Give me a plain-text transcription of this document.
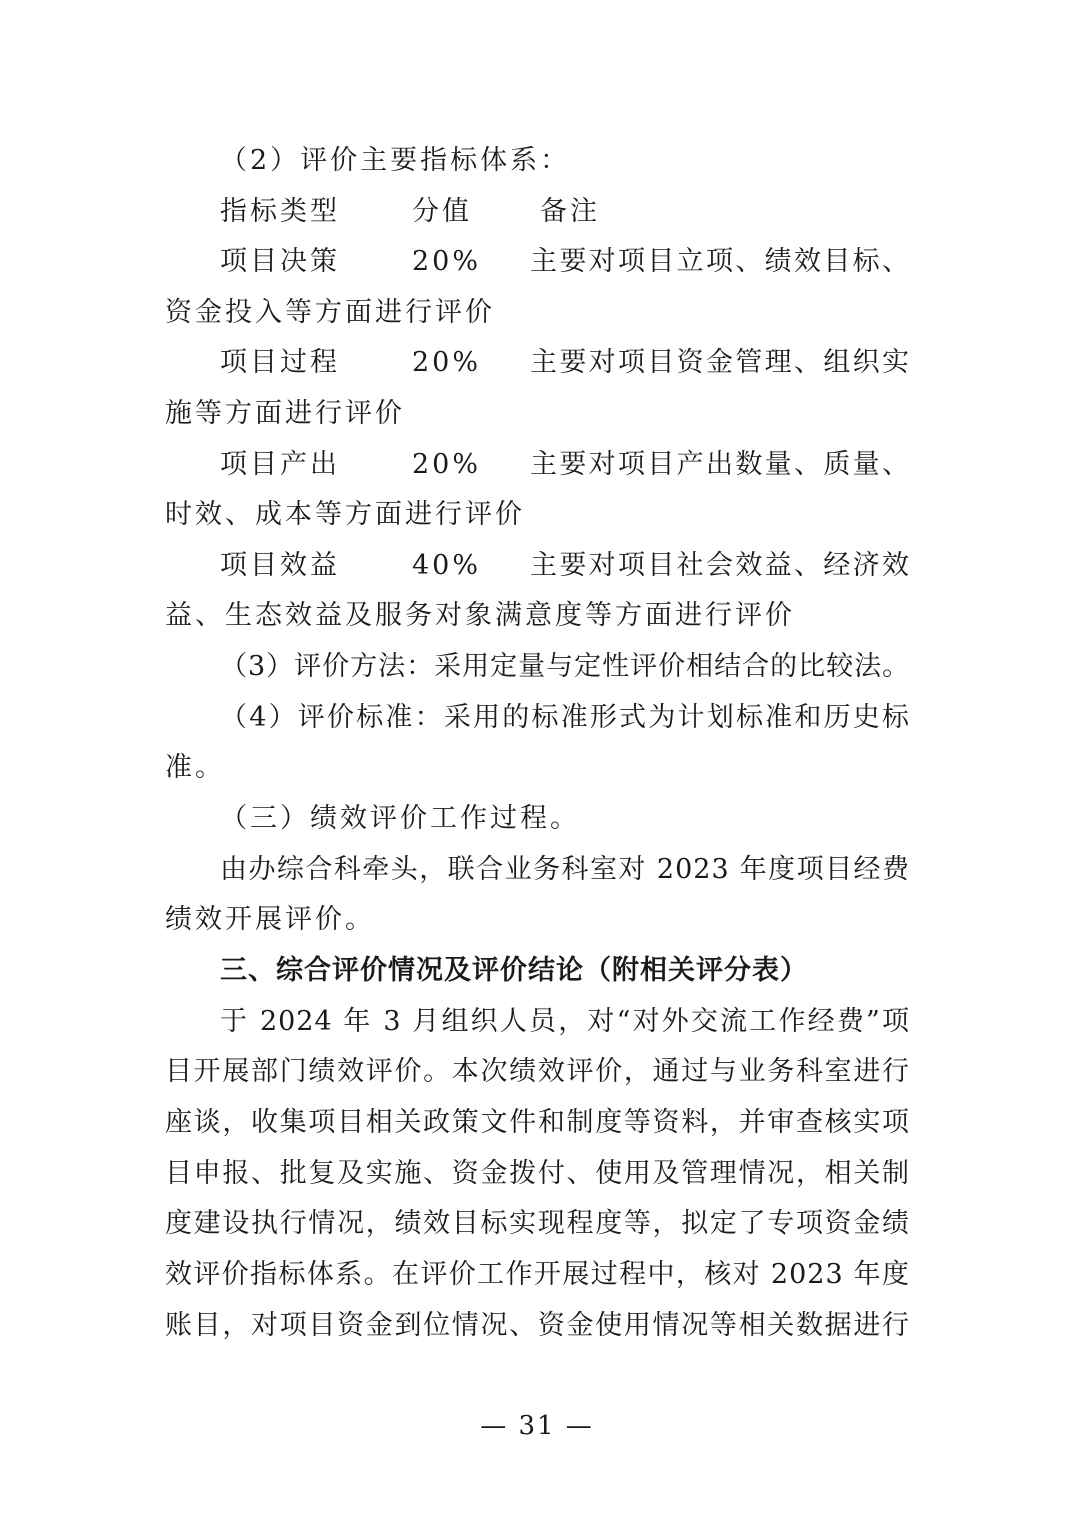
（2）评价主要指标体系：
指标类型	分值	备注
项目决策	20% 主要对项目立项、绩效目标、
资金投入等方面进行评价
项目过程	20% 主要对项目资金管理、组织实
施等方面进行评价
项目产出	20% 主要对项目产出数量、质量、
时效、成本等方面进行评价
项目效益	40% 主要对项目社会效益、经济效
益、生态效益及服务对象满意度等方面进行评价
（3）评价方法：采用定量与定性评价相结合的比较法。
（4）评价标准：采用的标准形式为计划标准和历史标
准。
（三）绩效评价工作过程。
由办综合科牵头，联合业务科室对 2023 年度项目经费
绩效开展评价。
三、综合评价情况及评价结论（附相关评分表）
于 2024 年 3 月组织人员，对“对外交流工作经费”项
目开展部门绩效评价。本次绩效评价，通过与业务科室进行
座谈，收集项目相关政策文件和制度等资料，并审查核实项
目申报、批复及实施、资金拨付、使用及管理情况，相关制
度建设执行情况，绩效目标实现程度等，拟定了专项资金绩
效评价指标体系。在评价工作开展过程中，核对 2023 年度
账目，对项目资金到位情况、资金使用情况等相关数据进行
— 31 —
